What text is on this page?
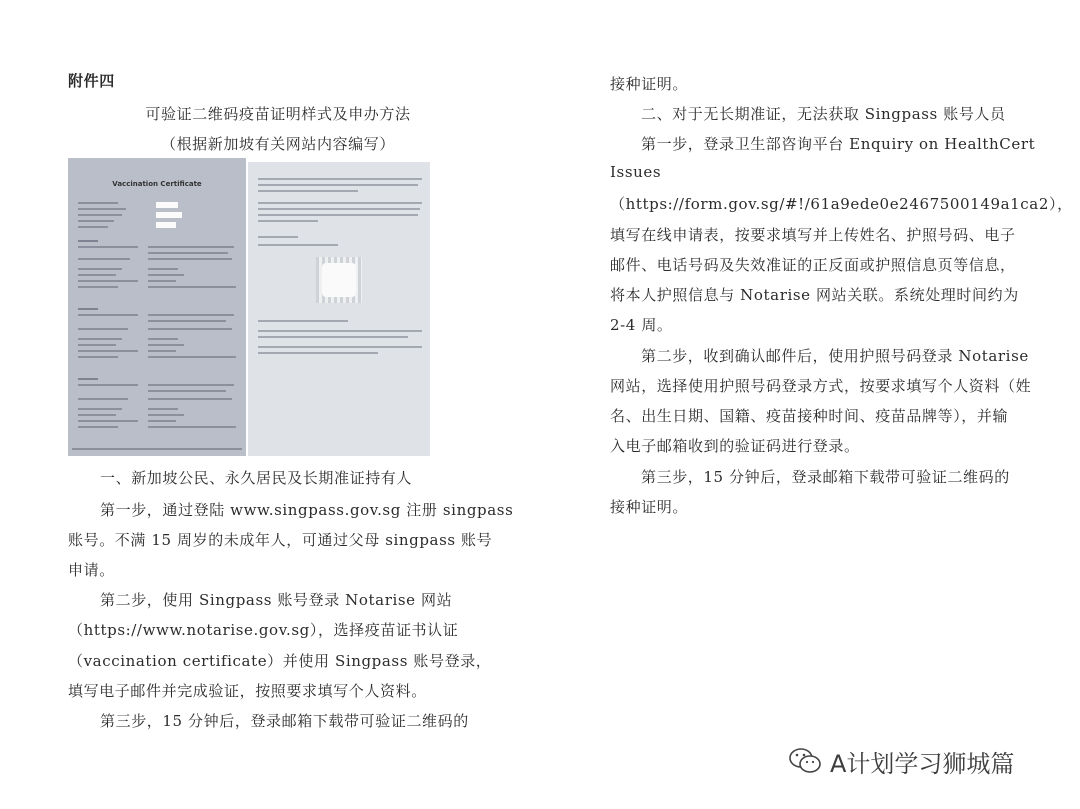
附件四
可验证二维码疫苗证明样式及申办方法
（根据新加坡有关网站内容编写）
Vaccination Certificate
一、新加坡公民、永久居民及长期准证持有人
第一步，通过登陆 www.singpass.gov.sg 注册 singpass
账号。不满 15 周岁的未成年人，可通过父母 singpass 账号
申请。
第二步，使用 Singpass 账号登录 Notarise 网站
（https://www.notarise.gov.sg），选择疫苗证书认证
（vaccination certificate）并使用 Singpass 账号登录，
填写电子邮件并完成验证，按照要求填写个人资料。
第三步，15 分钟后，登录邮箱下载带可验证二维码的
接种证明。
二、对于无长期准证，无法获取 Singpass 账号人员
第一步，登录卫生部咨询平台 Enquiry on HealthCert
Issues
（https://form.gov.sg/#!/61a9ede0e2467500149a1ca2），
填写在线申请表，按要求填写并上传姓名、护照号码、电子
邮件、电话号码及失效准证的正反面或护照信息页等信息，
将本人护照信息与 Notarise 网站关联。系统处理时间约为
2-4 周。
第二步，收到确认邮件后，使用护照号码登录 Notarise
网站，选择使用护照号码登录方式，按要求填写个人资料（姓
名、出生日期、国籍、疫苗接种时间、疫苗品牌等），并输
入电子邮箱收到的验证码进行登录。
第三步，15 分钟后，登录邮箱下载带可验证二维码的
接种证明。
A计划学习狮城篇
